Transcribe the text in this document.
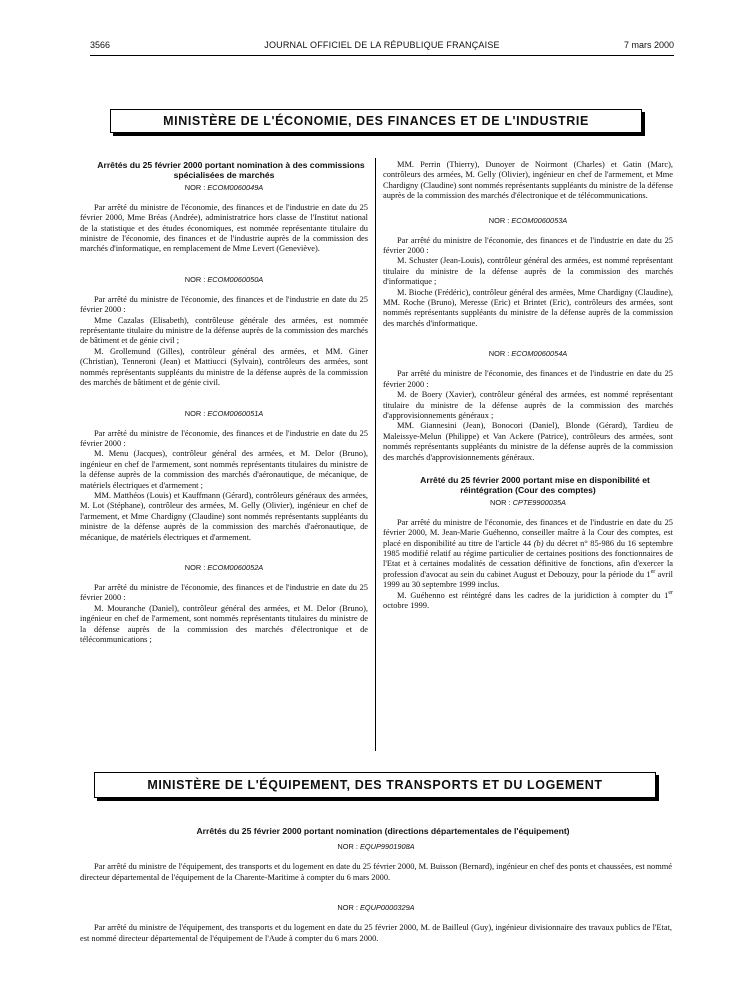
3566	JOURNAL OFFICIEL DE LA RÉPUBLIQUE FRANÇAISE	7 mars 2000
MINISTÈRE DE L'ÉCONOMIE, DES FINANCES ET DE L'INDUSTRIE

Arrêtés du 25 février 2000 portant nomination à des commissions spécialisées de marchés

NOR : ECOM0060049A

Par arrêté du ministre de l'économie, des finances et de l'industrie en date du 25 février 2000, Mme Bréas (Andrée), administratrice hors classe de l'Institut national de la statistique et des études économiques, est nommée représentante titulaire du ministre de l'économie, des finances et de l'industrie auprès de la commission des marchés d'informatique, en remplacement de Mme Levert (Geneviève).

NOR : ECOM0060050A

Par arrêté du ministre de l'économie, des finances et de l'industrie en date du 25 février 2000 :

Mme Cazalas (Elisabeth), contrôleuse générale des armées, est nommée représentante titulaire du ministre de la défense auprès de la commission des marchés de bâtiment et de génie civil ;

M. Grollemund (Gilles), contrôleur général des armées, et MM. Giner (Christian), Tenneroni (Jean) et Mattiucci (Sylvain), contrôleurs des armées, sont nommés représentants suppléants du ministre de la défense auprès de la commission des marchés de bâtiment et de génie civil.

NOR : ECOM0060051A

Par arrêté du ministre de l'économie, des finances et de l'industrie en date du 25 février 2000 :

M. Menu (Jacques), contrôleur général des armées, et M. Delor (Bruno), ingénieur en chef de l'armement, sont nommés représentants titulaires du ministre de la défense auprès de la commission des marchés d'aéronautique, de mécanique, de matériels électriques et d'armement ;

MM. Matthéos (Louis) et Kauffmann (Gérard), contrôleurs généraux des armées, M. Lot (Stéphane), contrôleur des armées, M. Gelly (Olivier), ingénieur en chef de l'armement, et Mme Chardigny (Claudine) sont nommés représentants suppléants du ministre de la défense auprès de la commission des marchés d'aéronautique, de mécanique, de matériels électriques et d'armement.

NOR : ECOM0060052A

Par arrêté du ministre de l'économie, des finances et de l'industrie en date du 25 février 2000 :

M. Mouranche (Daniel), contrôleur général des armées, et M. Delor (Bruno), ingénieur en chef de l'armement, sont nommés représentants titulaires du ministre de la défense auprès de la commission des marchés d'électronique et de télécommunications ;

MM. Perrin (Thierry), Dunoyer de Noirmont (Charles) et Gatin (Marc), contrôleurs des armées, M. Gelly (Olivier), ingénieur en chef de l'armement, et Mme Chardigny (Claudine) sont nommés représentants suppléants du ministre de la défense auprès de la commission des marchés d'électronique et de télécommunications.

NOR : ECOM0060053A

Par arrêté du ministre de l'économie, des finances et de l'industrie en date du 25 février 2000 :

M. Schuster (Jean-Louis), contrôleur général des armées, est nommé représentant titulaire du ministre de la défense auprès de la commission des marchés d'informatique ;

M. Bioche (Frédéric), contrôleur général des armées, Mme Chardigny (Claudine), MM. Roche (Bruno), Meresse (Eric) et Brintet (Eric), contrôleurs des armées, sont nommés représentants suppléants du ministre de la défense auprès de la commission des marchés d'informatique.

NOR : ECOM0060054A

Par arrêté du ministre de l'économie, des finances et de l'industrie en date du 25 février 2000 :

M. de Boery (Xavier), contrôleur général des armées, est nommé représentant titulaire du ministre de la défense auprès de la commission des marchés d'approvisionnements généraux ;

MM. Giannesini (Jean), Bonocori (Daniel), Blonde (Gérard), Tardieu de Maleissye-Melun (Philippe) et Van Ackere (Patrice), contrôleurs des armées, sont nommés représentants suppléants du ministre de la défense auprès de la commission des marchés d'approvisionnements généraux.

Arrêté du 25 février 2000 portant mise en disponibilité et réintégration (Cour des comptes)

NOR : CPTE9900035A

Par arrêté du ministre de l'économie, des finances et de l'industrie en date du 25 février 2000, M. Jean-Marie Guéhenno, conseiller maître à la Cour des comptes, est placé en disponibilité au titre de l'article 44 (b) du décret n° 85-986 du 16 septembre 1985 modifié relatif au régime particulier de certaines positions des fonctionnaires de l'Etat et à certaines modalités de cessation définitive de fonctions, afin d'exercer la profession d'avocat au sein du cabinet August et Debouzy, pour la période du 1er avril 1999 au 30 septembre 1999 inclus.

M. Guéhenno est réintégré dans les cadres de la juridiction à compter du 1er octobre 1999.

MINISTÈRE DE L'ÉQUIPEMENT, DES TRANSPORTS ET DU LOGEMENT

Arrêtés du 25 février 2000 portant nomination (directions départementales de l'équipement)

NOR : EQUP9901908A

Par arrêté du ministre de l'équipement, des transports et du logement en date du 25 février 2000, M. Buisson (Bernard), ingénieur en chef des ponts et chaussées, est nommé directeur départemental de l'équipement de la Charente-Maritime à compter du 6 mars 2000.

NOR : EQUP0000329A

Par arrêté du ministre de l'équipement, des transports et du logement en date du 25 février 2000, M. de Bailleul (Guy), ingénieur divisionnaire des travaux publics de l'Etat, est nommé directeur départemental de l'équipement de l'Aude à compter du 6 mars 2000.
